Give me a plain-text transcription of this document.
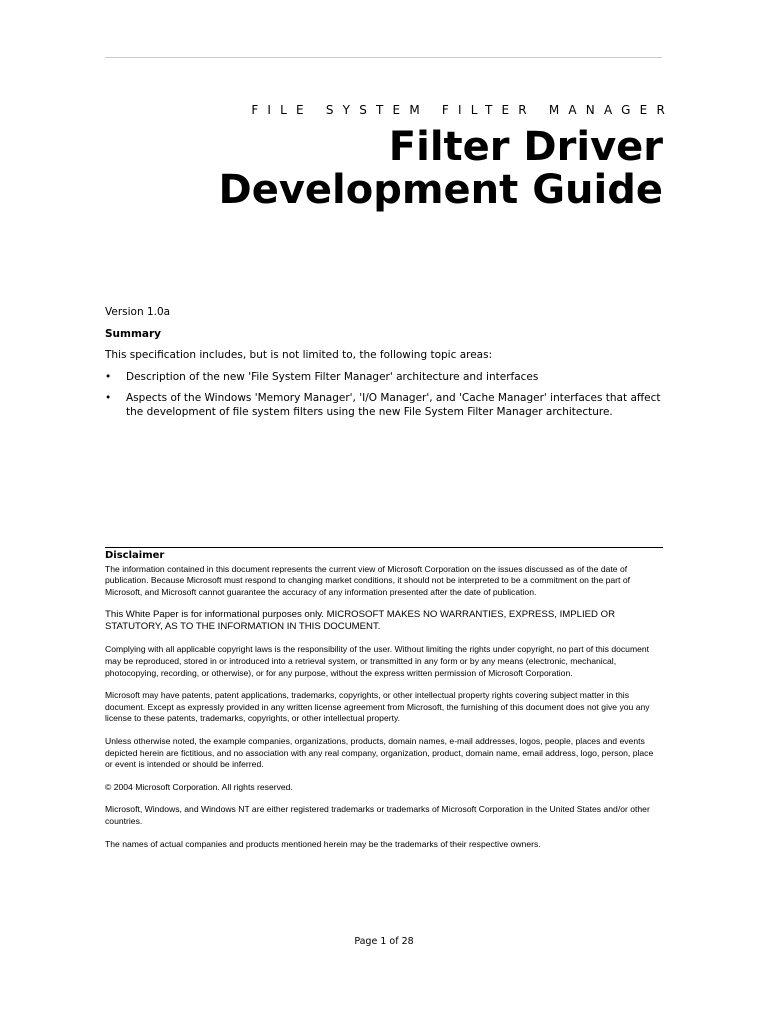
FILE SYSTEM FILTER MANAGER
Filter Driver
Development Guide
Version 1.0a
Summary
This specification includes, but is not limited to, the following topic areas:
• Description of the new 'File System Filter Manager' architecture and interfaces
• Aspects of the Windows 'Memory Manager', 'I/O Manager', and 'Cache Manager' interfaces that affect the development of file system filters using the new File System Filter Manager architecture.
Disclaimer

The information contained in this document represents the current view of Microsoft Corporation on the issues discussed as of the date of publication. Because Microsoft must respond to changing market conditions, it should not be interpreted to be a commitment on the part of Microsoft, and Microsoft cannot guarantee the accuracy of any information presented after the date of publication.

This White Paper is for informational purposes only. MICROSOFT MAKES NO WARRANTIES, EXPRESS, IMPLIED OR STATUTORY, AS TO THE INFORMATION IN THIS DOCUMENT.

Complying with all applicable copyright laws is the responsibility of the user. Without limiting the rights under copyright, no part of this document may be reproduced, stored in or introduced into a retrieval system, or transmitted in any form or by any means (electronic, mechanical, photocopying, recording, or otherwise), or for any purpose, without the express written permission of Microsoft Corporation.

Microsoft may have patents, patent applications, trademarks, copyrights, or other intellectual property rights covering subject matter in this document. Except as expressly provided in any written license agreement from Microsoft, the furnishing of this document does not give you any license to these patents, trademarks, copyrights, or other intellectual property.

Unless otherwise noted, the example companies, organizations, products, domain names, e-mail addresses, logos, people, places and events depicted herein are fictitious, and no association with any real company, organization, product, domain name, email address, logo, person, place or event is intended or should be inferred.

© 2004 Microsoft Corporation. All rights reserved.

Microsoft, Windows, and Windows NT are either registered trademarks or trademarks of Microsoft Corporation in the United States and/or other countries.

The names of actual companies and products mentioned herein may be the trademarks of their respective owners.

Page 1 of 28
